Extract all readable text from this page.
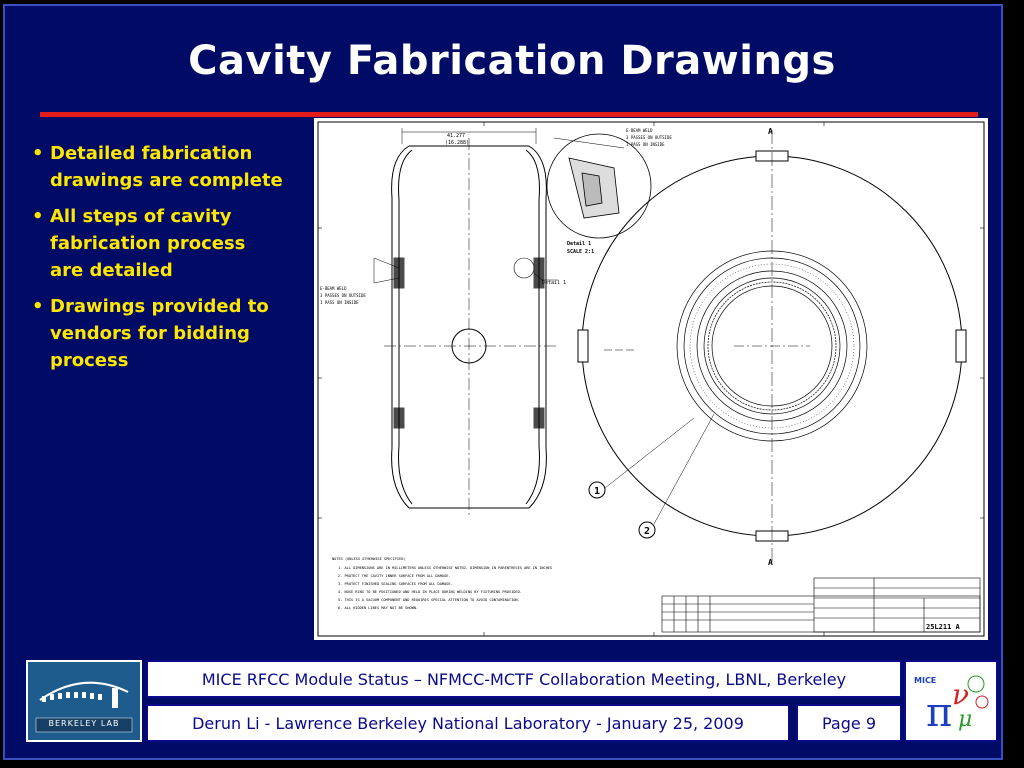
Cavity Fabrication Drawings
• Detailed fabrication
drawings are complete
• All steps of cavity
fabrication process
are detailed
• Drawings provided to
vendors for bidding
process
41.277
(16.288)
Detail 1
E-BEAM WELD
3 PASSES ON OUTSIDE
1 PASS ON INSIDE
E-BEAM WELD
3 PASSES ON OUTSIDE
1 PASS ON INSIDE
Detail 1
SCALE 2:1
1
2
A
A
NOTES (UNLESS OTHERWISE SPECIFIED)
1. ALL DIMENSIONS ARE IN MILLIMETERS UNLESS OTHERWISE NOTED. DIMENSION IN PARENTHESES ARE IN INCHES
2. PROTECT THE CAVITY INNER SURFACE FROM ALL DAMAGE.
3. PROTECT FINISHED SEALING SURFACES FROM ALL DAMAGE.
4. NOSE RING TO BE POSITIONED AND HELD IN PLACE DURING WELDING BY FIXTURING PROVIDED.
5. THIS IS A VACUUM COMPONENT AND REQUIRES SPECIAL ATTENTION TO AVOID CONTAMINATION.
6. ALL HIDDEN LINES MAY NOT BE SHOWN.
25L211 A
BERKELEY LAB
MICE RFCC Module Status – NFMCC-MCTF Collaboration Meeting, LBNL, Berkeley
Derun Li - Lawrence Berkeley National Laboratory - January 25, 2009	Page 9 π ν
μ
MICE
